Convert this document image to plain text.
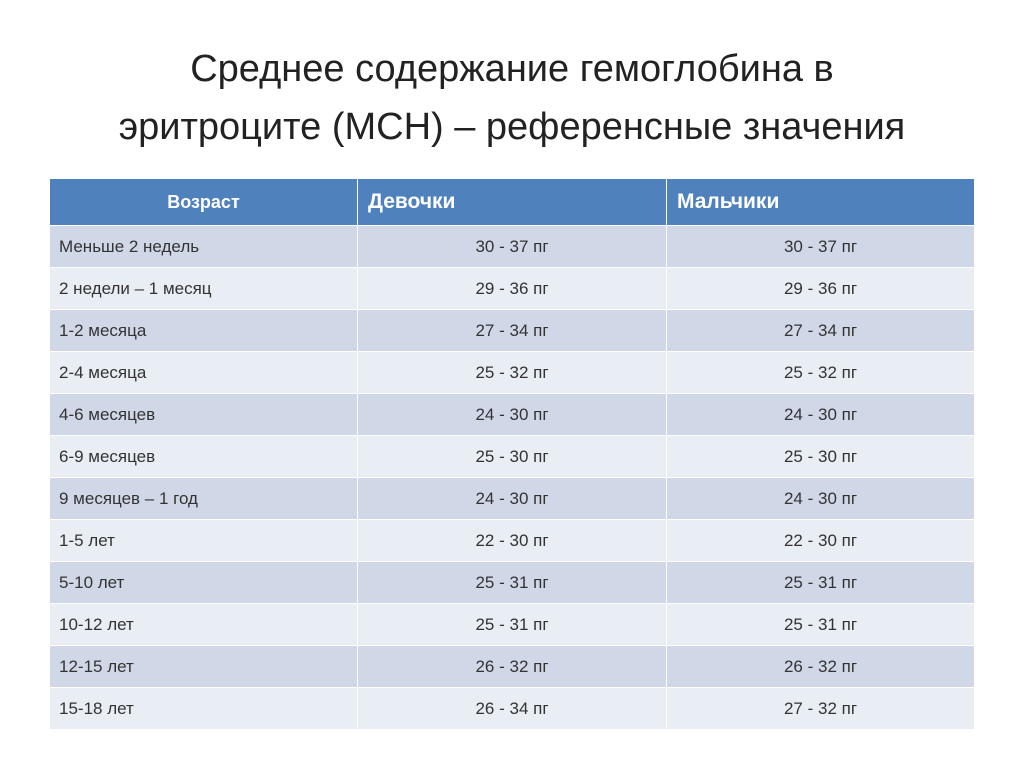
Среднее содержание гемоглобина в
эритроците (МСН) – референсные значения
Возраст	Девочки	Мальчики
Меньше 2 недель	30 - 37 пг	30 - 37 пг
2 недели – 1 месяц	29 - 36 пг	29 - 36 пг
1-2 месяца	27 - 34 пг	27 - 34 пг
2-4 месяца	25 - 32 пг	25 - 32 пг
4-6 месяцев	24 - 30 пг	24 - 30 пг
6-9 месяцев	25 - 30 пг	25 - 30 пг
9 месяцев – 1 год	24 - 30 пг	24 - 30 пг
1-5 лет	22 - 30 пг	22 - 30 пг
5-10 лет	25 - 31 пг	25 - 31 пг
10-12 лет	25 - 31 пг	25 - 31 пг
12-15 лет	26 - 32 пг	26 - 32 пг
15-18 лет	26 - 34 пг	27 - 32 пг
